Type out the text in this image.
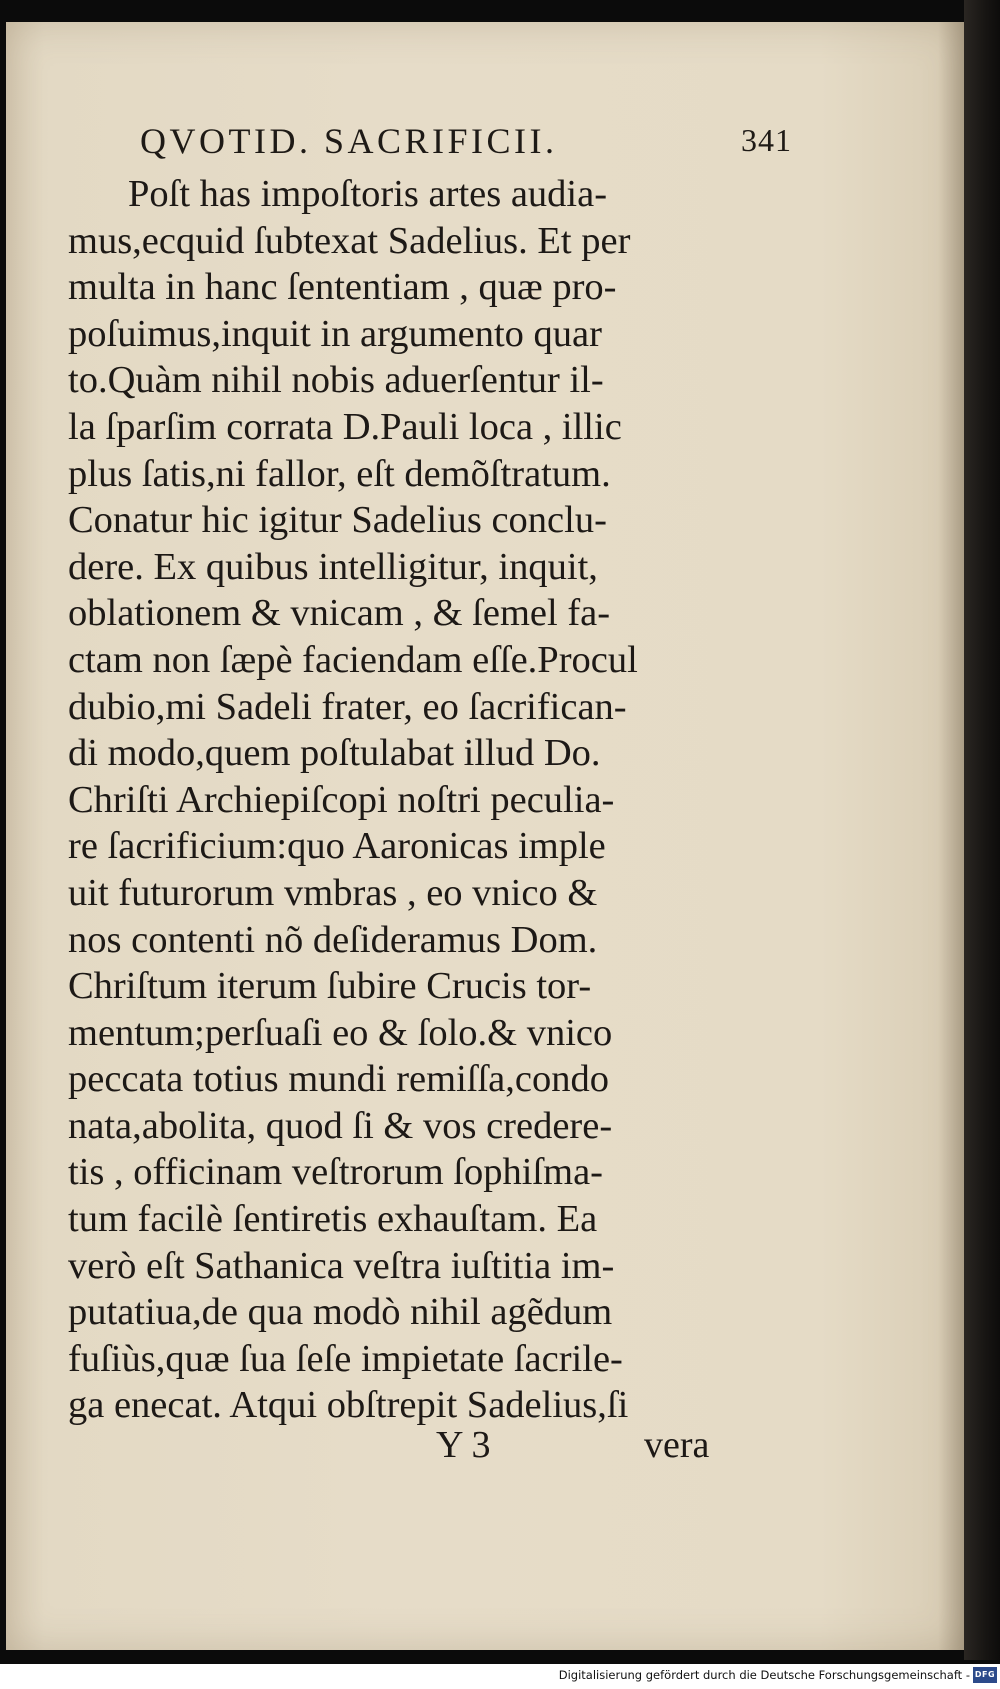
QVOTID. SACRIFICII.	341
Poſt has impoſtoris artes audia-
mus,ecquid ſubtexat Sadelius. Et per
multa in hanc ſententiam , quæ pro-
poſuimus,inquit in argumento quar
to.Quàm nihil nobis aduerſentur il-
la ſparſim corrata D.Pauli loca , illic
plus ſatis,ni fallor, eſt demõſtratum.
Conatur hic igitur Sadelius conclu-
dere. Ex quibus intelligitur, inquit,
oblationem & vnicam , & ſemel fa-
ctam non ſæpè faciendam eſſe.Procul
dubio,mi Sadeli frater, eo ſacrifican-
di modo,quem poſtulabat illud Do.
Chriſti Archiepiſcopi noſtri peculia-
re ſacrificium:quo Aaronicas imple
uit futurorum vmbras , eo vnico &
nos contenti nõ deſideramus Dom.
Chriſtum iterum ſubire Crucis tor-
mentum;perſuaſi eo & ſolo.& vnico
peccata totius mundi remiſſa,condo
nata,abolita, quod ſi & vos credere-
tis , officinam veſtrorum ſophiſma-
tum facilè ſentiretis exhauſtam. Ea
verò eſt Sathanica veſtra iuſtitia im-
putatiua,de qua modò nihil agẽdum
fuſiùs,quæ ſua ſeſe impietate ſacrile-
ga enecat. Atqui obſtrepit Sadelius,ſi
Y 3	vera
Digitalisierung gefördert durch die Deutsche Forschungsgemeinschaft - DFG
